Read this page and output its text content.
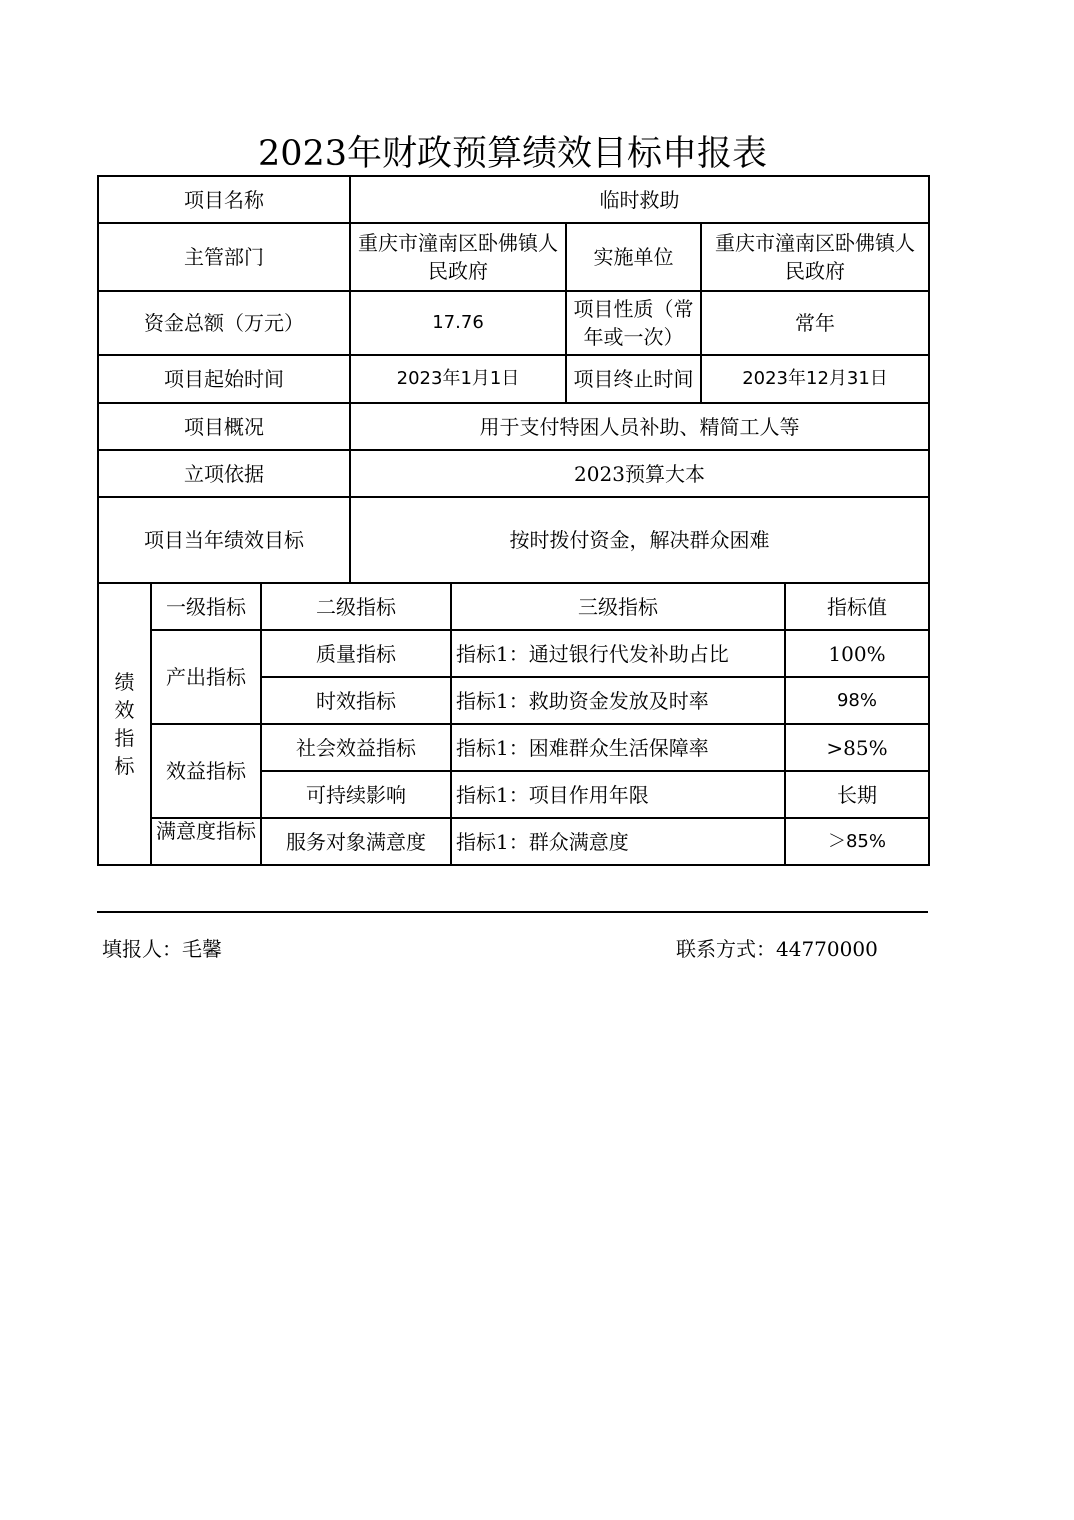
2023年财政预算绩效目标申报表
项目名称			临时救助				
主管部门			重庆市潼南区卧佛镇人民政府		实施单位	重庆市潼南区卧佛镇人民政府	
资金总额（万元）			17.76		项目性质（常年或一次）	常年	
项目起始时间			2023年1月1日		项目终止时间	2023年12月31日	
项目概况			用于支付特困人员补助、精简工人等				
立项依据			2023预算大本				
项目当年绩效目标			按时拨付资金，解决群众困难				
绩
效
指
标	一级指标	二级指标		三级指标			指标值
	产出指标	质量指标		指标1：通过银行代发补助占比			100%
		时效指标		指标1：救助资金发放及时率			98%
	效益指标	社会效益指标		指标1：困难群众生活保障率			>85%
		可持续影响		指标1：项目作用年限			长期

	满意度指标	服务对象满意度		指标1：群众满意度			＞85%
填报人：毛馨	联系方式：44770000
